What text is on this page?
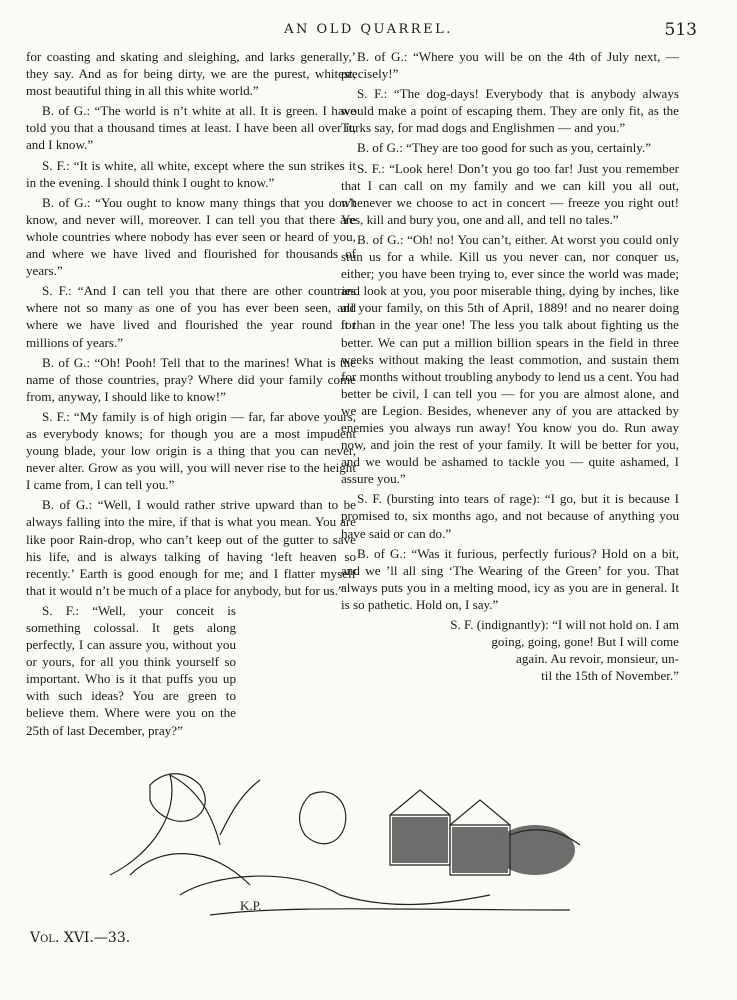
AN OLD QUARREL.	513

for coasting and skating and sleighing, and larks generally,’ they say. And as for being dirty, we are the purest, whitest, most beautiful thing in all this white world.”

B. of G.: “The world is n’t white at all. It is green. I have told you that a thousand times at least. I have been all over it, and I know.”

S. F.: “It is white, all white, except where the sun strikes it in the evening. I should think I ought to know.”

B. of G.: “You ought to know many things that you don’t know, and never will, moreover. I can tell you that there are whole countries where nobody has ever seen or heard of you, and where we have lived and flourished for thousands of years.”

S. F.: “And I can tell you that there are other countries where not so many as one of you has ever been seen, and where we have lived and flourished the year round for millions of years.”

B. of G.: “Oh! Pooh! Tell that to the marines! What is the name of those countries, pray? Where did your family come from, anyway, I should like to know!”

S. F.: “My family is of high origin — far, far above yours, as everybody knows; for though you are a most impudent young blade, your low origin is a thing that you can never, never alter. Grow as you will, you will never rise to the height I came from, I can tell you.”

B. of G.: “Well, I would rather strive upward than to be always falling into the mire, if that is what you mean. You are like poor Rain-drop, who can’t keep out of the gutter to save his life, and is always talking of having ‘left heaven so recently.’ Earth is good enough for me; and I flatter myself that it would n’t be much of a place for anybody, but for us.”

S. F.: “Well, your conceit is something colossal. It gets along perfectly, I can assure you, without you or yours, for all you think yourself so important. Who is it that puffs you up with such ideas? You are green to believe them. Where were you on the 25th of last December, pray?”

B. of G.: “Where you will be on the 4th of July next, — precisely!”

S. F.: “The dog-days! Everybody that is anybody always would make a point of escaping them. They are only fit, as the Turks say, for mad dogs and Englishmen — and you.”

B. of G.: “They are too good for such as you, certainly.”

S. F.: “Look here! Don’t you go too far! Just you remember that I can call on my family and we can kill you all out, whenever we choose to act in concert — freeze you right out! Yes, kill and bury you, one and all, and tell no tales.”

B. of G.: “Oh! no! You can’t, either. At worst you could only stun us for a while. Kill us you never can, nor conquer us, either; you have been trying to, ever since the world was made; and look at you, you poor miserable thing, dying by inches, like all your family, on this 5th of April, 1889! and no nearer doing it than in the year one! The less you talk about fighting us the better. We can put a million billion spears in the field in three weeks without making the least commotion, and sustain them for months without troubling anybody to lend us a cent. You had better be civil, I can tell you — for you are almost alone, and we are Legion. Besides, whenever any of you are attacked by enemies you always run away! You know you do. Run away now, and join the rest of your family. It will be better for you, and we would be ashamed to tackle you — quite ashamed, I assure you.”

S. F. (bursting into tears of rage): “I go, but it is because I promised to, six months ago, and not because of anything you have said or can do.”

B. of G.: “Was it furious, perfectly furious? Hold on a bit, and we ’ll all sing ‘The Wearing of the Green’ for you. That always puts you in a melting mood, icy as you are in general. It is so pathetic. Hold on, I say.”

S. F. (indignantly): “I will not hold on. I am
going, going, gone! But I will come
again. Au revoir, monsieur, un-
til the 15th of November.”
K.P.
Vol. XVI.—33.
